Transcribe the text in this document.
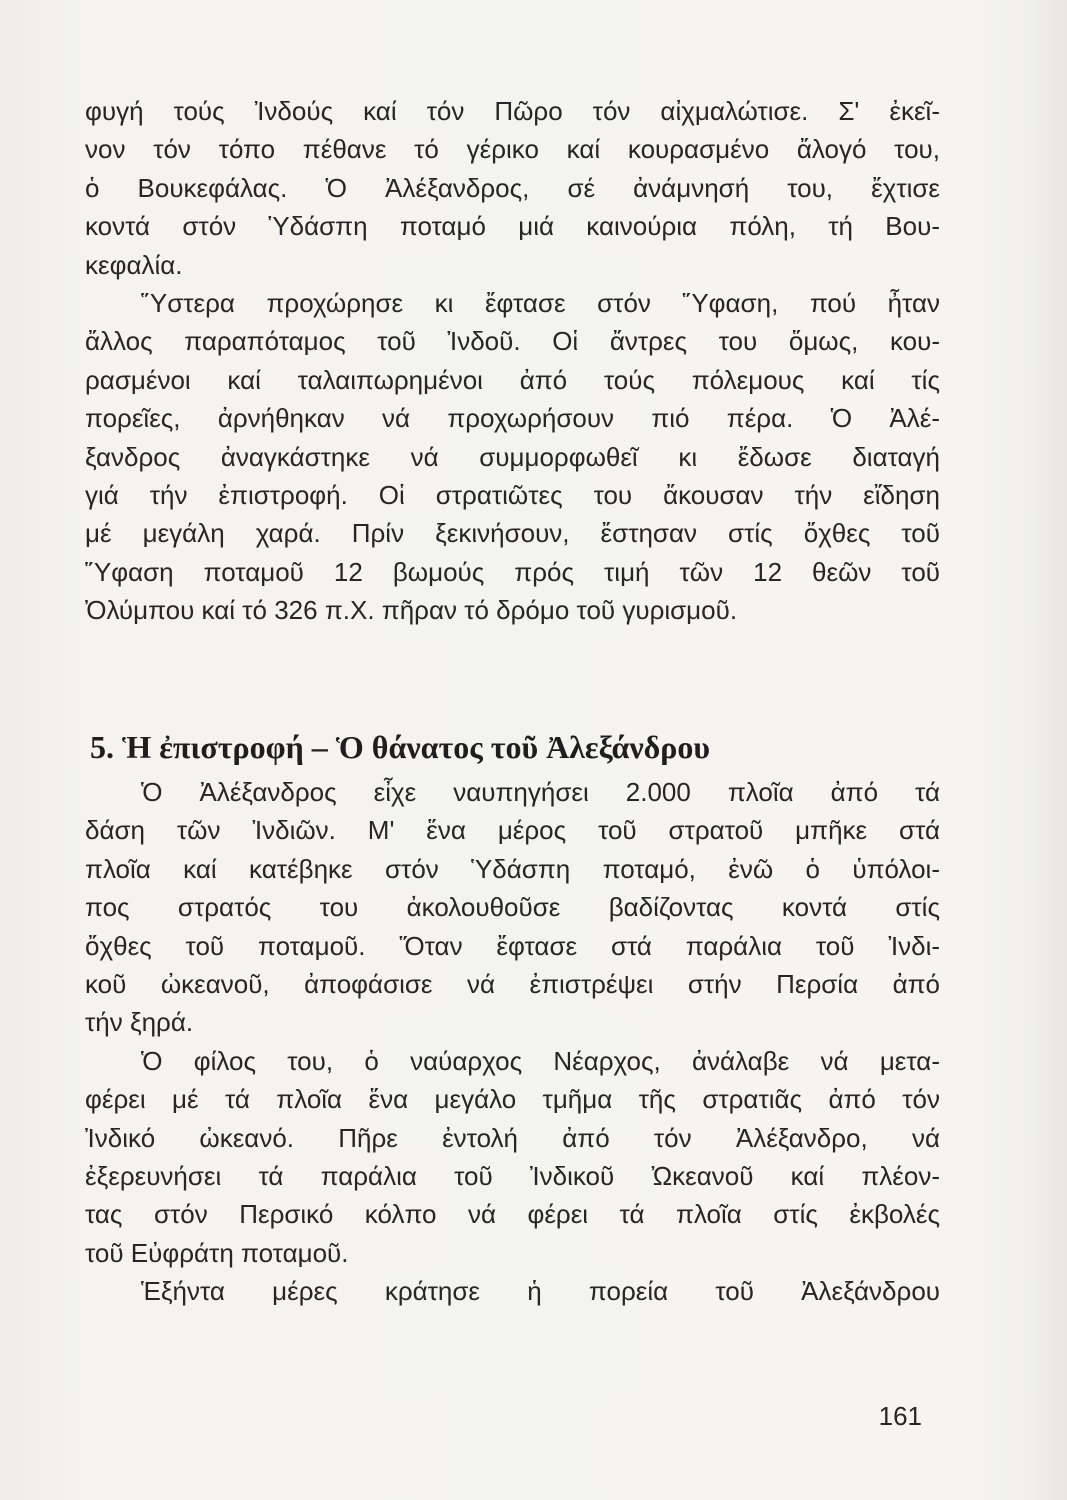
φυγή τούς Ἰνδούς καί τόν Πῶρο τόν αἰχμαλώτισε. Σ' ἐκεῖ-
νον τόν τόπο πέθανε τό γέρικο καί κουρασμένο ἄλογό του,
ὁ Βουκεφάλας. Ὁ Ἀλέξανδρος, σέ ἀνάμνησή του, ἔχτισε
κοντά στόν Ὑδάσπη ποταμό μιά καινούρια πόλη, τή Βου-
κεφαλία.
Ὕστερα προχώρησε κι ἔφτασε στόν Ὕφαση, πού ἦταν
ἄλλος παραπόταμος τοῦ Ἰνδοῦ. Οἱ ἄντρες του ὅμως, κου-
ρασμένοι καί ταλαιπωρημένοι ἀπό τούς πόλεμους καί τίς
πορεῖες, ἀρνήθηκαν νά προχωρήσουν πιό πέρα. Ὁ Ἀλέ-
ξανδρος ἀναγκάστηκε νά συμμορφωθεῖ κι ἔδωσε διαταγή
γιά τήν ἐπιστροφή. Οἱ στρατιῶτες του ἄκουσαν τήν εἴδηση
μέ μεγάλη χαρά. Πρίν ξεκινήσουν, ἔστησαν στίς ὄχθες τοῦ
Ὕφαση ποταμοῦ 12 βωμούς πρός τιμή τῶν 12 θεῶν τοῦ
Ὀλύμπου καί τό 326 π.Χ. πῆραν τό δρόμο τοῦ γυρισμοῦ.
5. Ἡ ἐπιστροφή – Ὁ θάνατος τοῦ Ἀλεξάνδρου
Ὁ Ἀλέξανδρος εἶχε ναυπηγήσει 2.000 πλοῖα ἀπό τά
δάση τῶν Ἰνδιῶν. Μ' ἕνα μέρος τοῦ στρατοῦ μπῆκε στά
πλοῖα καί κατέβηκε στόν Ὑδάσπη ποταμό, ἐνῶ ὁ ὑπόλοι-
πος στρατός του ἀκολουθοῦσε βαδίζοντας κοντά στίς
ὄχθες τοῦ ποταμοῦ. Ὅταν ἔφτασε στά παράλια τοῦ Ἰνδι-
κοῦ ὠκεανοῦ, ἀποφάσισε νά ἐπιστρέψει στήν Περσία ἀπό
τήν ξηρά.
Ὁ φίλος του, ὁ ναύαρχος Νέαρχος, ἀνάλαβε νά μετα-
φέρει μέ τά πλοῖα ἕνα μεγάλο τμῆμα τῆς στρατιᾶς ἀπό τόν
Ἰνδικό ὠκεανό. Πῆρε ἐντολή ἀπό τόν Ἀλέξανδρο, νά
ἐξερευνήσει τά παράλια τοῦ Ἰνδικοῦ Ὠκεανοῦ καί πλέον-
τας στόν Περσικό κόλπο νά φέρει τά πλοῖα στίς ἐκβολές
τοῦ Εὐφράτη ποταμοῦ.
Ἑξήντα μέρες κράτησε ἡ πορεία τοῦ Ἀλεξάνδρου
161
